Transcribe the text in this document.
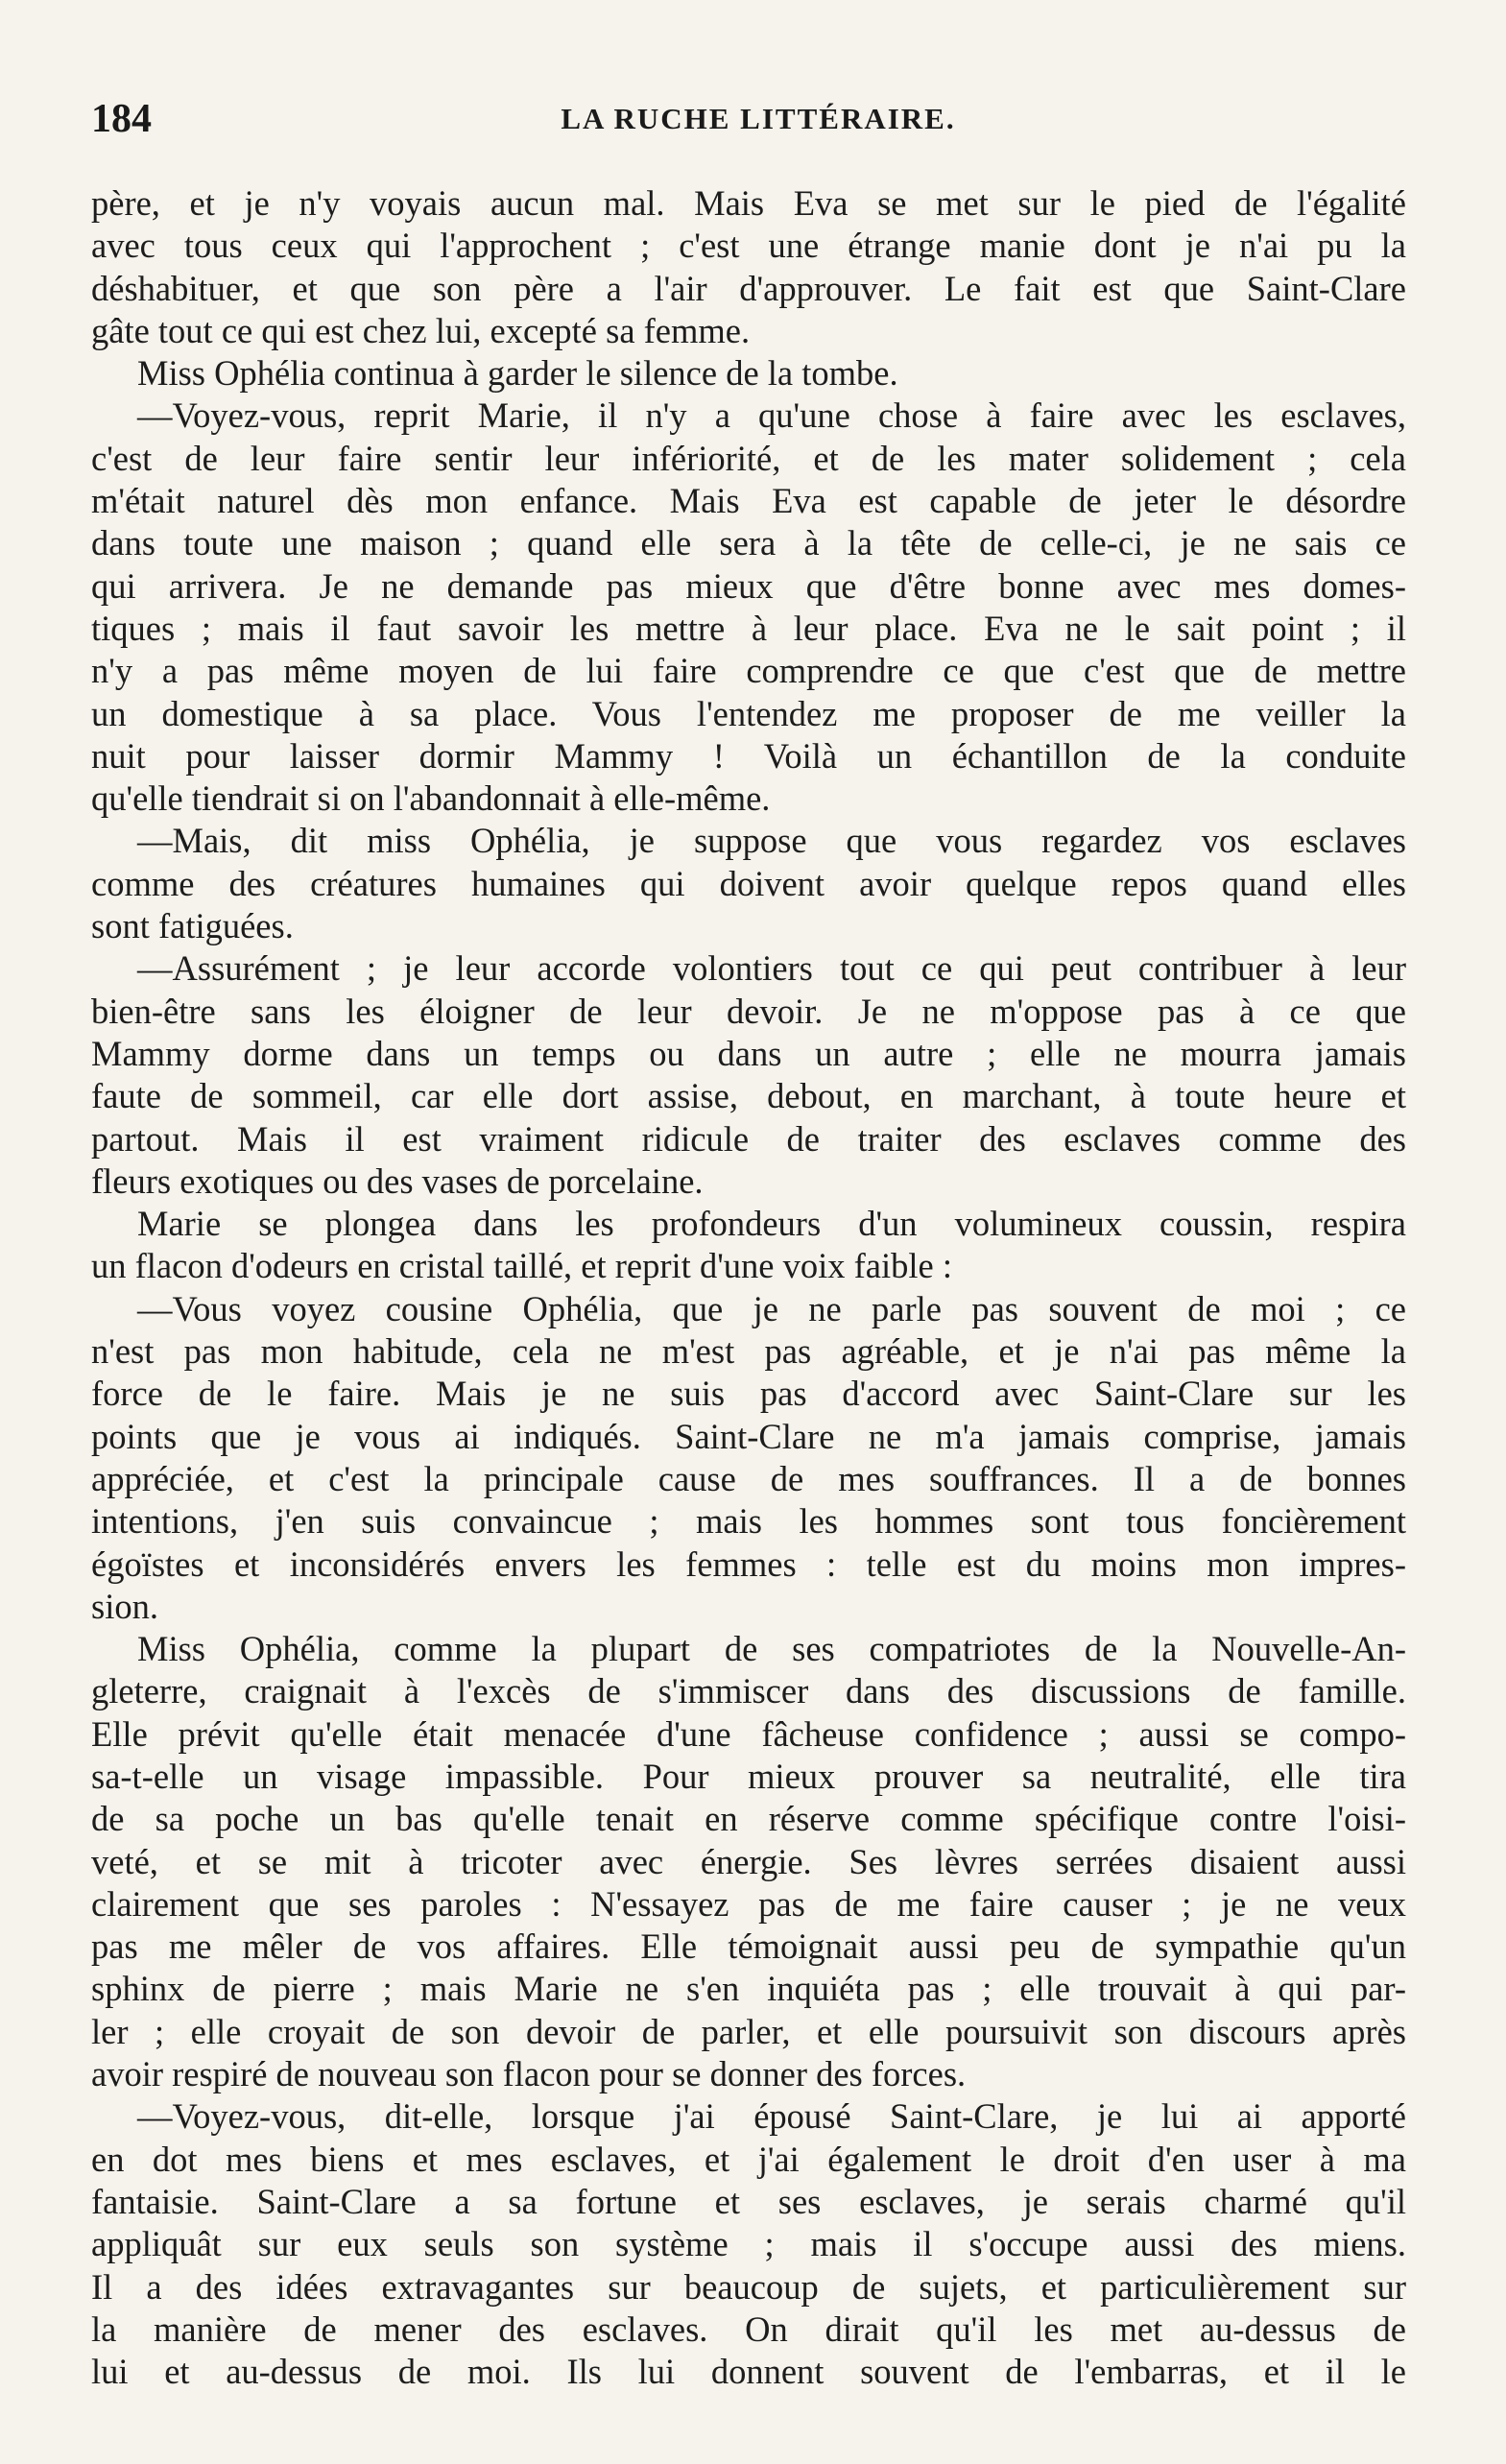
184	LA RUCHE LITTÉRAIRE.
père, et je n'y voyais aucun mal. Mais Eva se met sur le pied de l'égalité
avec tous ceux qui l'approchent ; c'est une étrange manie dont je n'ai pu la
déshabituer, et que son père a l'air d'approuver. Le fait est que Saint-Clare
gâte tout ce qui est chez lui, excepté sa femme.
Miss Ophélia continua à garder le silence de la tombe.
—Voyez-vous, reprit Marie, il n'y a qu'une chose à faire avec les esclaves,
c'est de leur faire sentir leur infériorité, et de les mater solidement ; cela
m'était naturel dès mon enfance. Mais Eva est capable de jeter le désordre
dans toute une maison ; quand elle sera à la tête de celle-ci, je ne sais ce
qui arrivera. Je ne demande pas mieux que d'être bonne avec mes domes-
tiques ; mais il faut savoir les mettre à leur place. Eva ne le sait point ; il
n'y a pas même moyen de lui faire comprendre ce que c'est que de mettre
un domestique à sa place. Vous l'entendez me proposer de me veiller la
nuit pour laisser dormir Mammy ! Voilà un échantillon de la conduite
qu'elle tiendrait si on l'abandonnait à elle-même.
—Mais, dit miss Ophélia, je suppose que vous regardez vos esclaves
comme des créatures humaines qui doivent avoir quelque repos quand elles
sont fatiguées.
—Assurément ; je leur accorde volontiers tout ce qui peut contribuer à leur
bien-être sans les éloigner de leur devoir. Je ne m'oppose pas à ce que
Mammy dorme dans un temps ou dans un autre ; elle ne mourra jamais
faute de sommeil, car elle dort assise, debout, en marchant, à toute heure et
partout. Mais il est vraiment ridicule de traiter des esclaves comme des
fleurs exotiques ou des vases de porcelaine.
Marie se plongea dans les profondeurs d'un volumineux coussin, respira
un flacon d'odeurs en cristal taillé, et reprit d'une voix faible :
—Vous voyez cousine Ophélia, que je ne parle pas souvent de moi ; ce
n'est pas mon habitude, cela ne m'est pas agréable, et je n'ai pas même la
force de le faire. Mais je ne suis pas d'accord avec Saint-Clare sur les
points que je vous ai indiqués. Saint-Clare ne m'a jamais comprise, jamais
appréciée, et c'est la principale cause de mes souffrances. Il a de bonnes
intentions, j'en suis convaincue ; mais les hommes sont tous foncièrement
égoïstes et inconsidérés envers les femmes : telle est du moins mon impres-
sion.
Miss Ophélia, comme la plupart de ses compatriotes de la Nouvelle-An-
gleterre, craignait à l'excès de s'immiscer dans des discussions de famille.
Elle prévit qu'elle était menacée d'une fâcheuse confidence ; aussi se compo-
sa-t-elle un visage impassible. Pour mieux prouver sa neutralité, elle tira
de sa poche un bas qu'elle tenait en réserve comme spécifique contre l'oisi-
veté, et se mit à tricoter avec énergie. Ses lèvres serrées disaient aussi
clairement que ses paroles : N'essayez pas de me faire causer ; je ne veux
pas me mêler de vos affaires. Elle témoignait aussi peu de sympathie qu'un
sphinx de pierre ; mais Marie ne s'en inquiéta pas ; elle trouvait à qui par-
ler ; elle croyait de son devoir de parler, et elle poursuivit son discours après
avoir respiré de nouveau son flacon pour se donner des forces.
—Voyez-vous, dit-elle, lorsque j'ai épousé Saint-Clare, je lui ai apporté
en dot mes biens et mes esclaves, et j'ai également le droit d'en user à ma
fantaisie. Saint-Clare a sa fortune et ses esclaves, je serais charmé qu'il
appliquât sur eux seuls son système ; mais il s'occupe aussi des miens.
Il a des idées extravagantes sur beaucoup de sujets, et particulièrement sur
la manière de mener des esclaves. On dirait qu'il les met au-dessus de
lui et au-dessus de moi. Ils lui donnent souvent de l'embarras, et il le
